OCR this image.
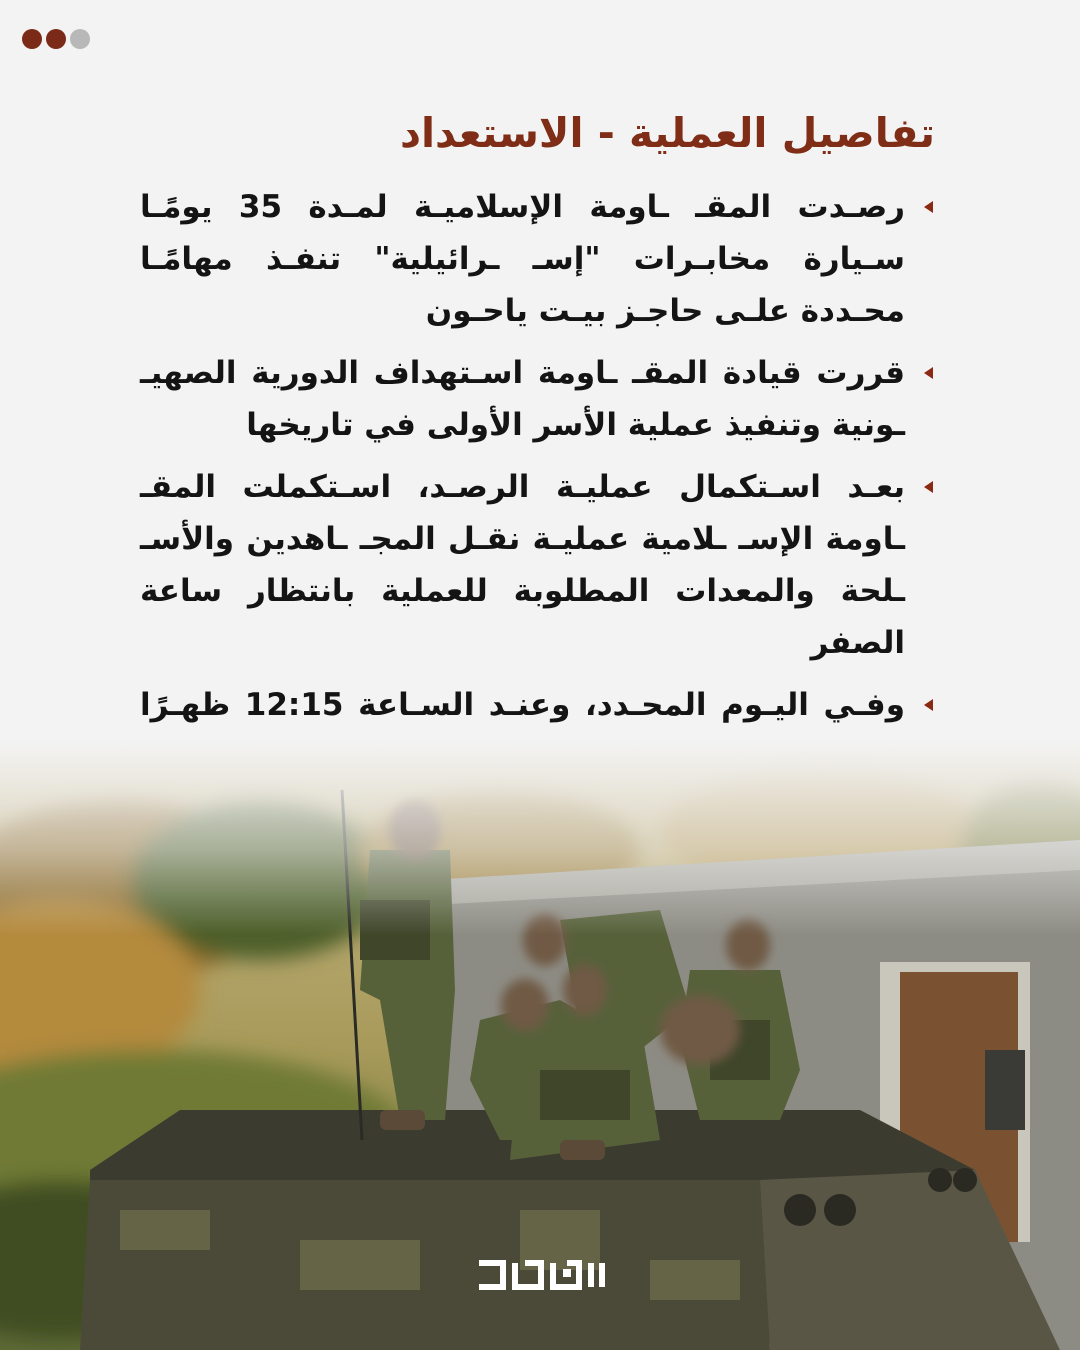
تفاصيل العملية - الاستعداد
رصـدت المقـ ـاومة الإسلاميـة لمـدة 35 يومًـا سـيارة مخابـرات "إسـ ـرائيلية" تنفـذ مهامًـا محـددة علـى حاجـز بيـت ياحـون
قررت قيادة المقـ ـاومة اسـتهداف الدورية الصهيـ ـونية وتنفيذ عملية الأسر الأولى في تاريخها
بعـد اسـتكمال عمليـة الرصـد، اسـتكملت المقـ ـاومة الإسـ ـلامية عمليـة نقـل المجـ ـاهدين والأسـ ـلحة والمعدات المطلوبة للعملية بانتظار ساعة الصفر
وفـي اليـوم المحـدد، وعنـد السـاعة 12:15 ظهـرًا
